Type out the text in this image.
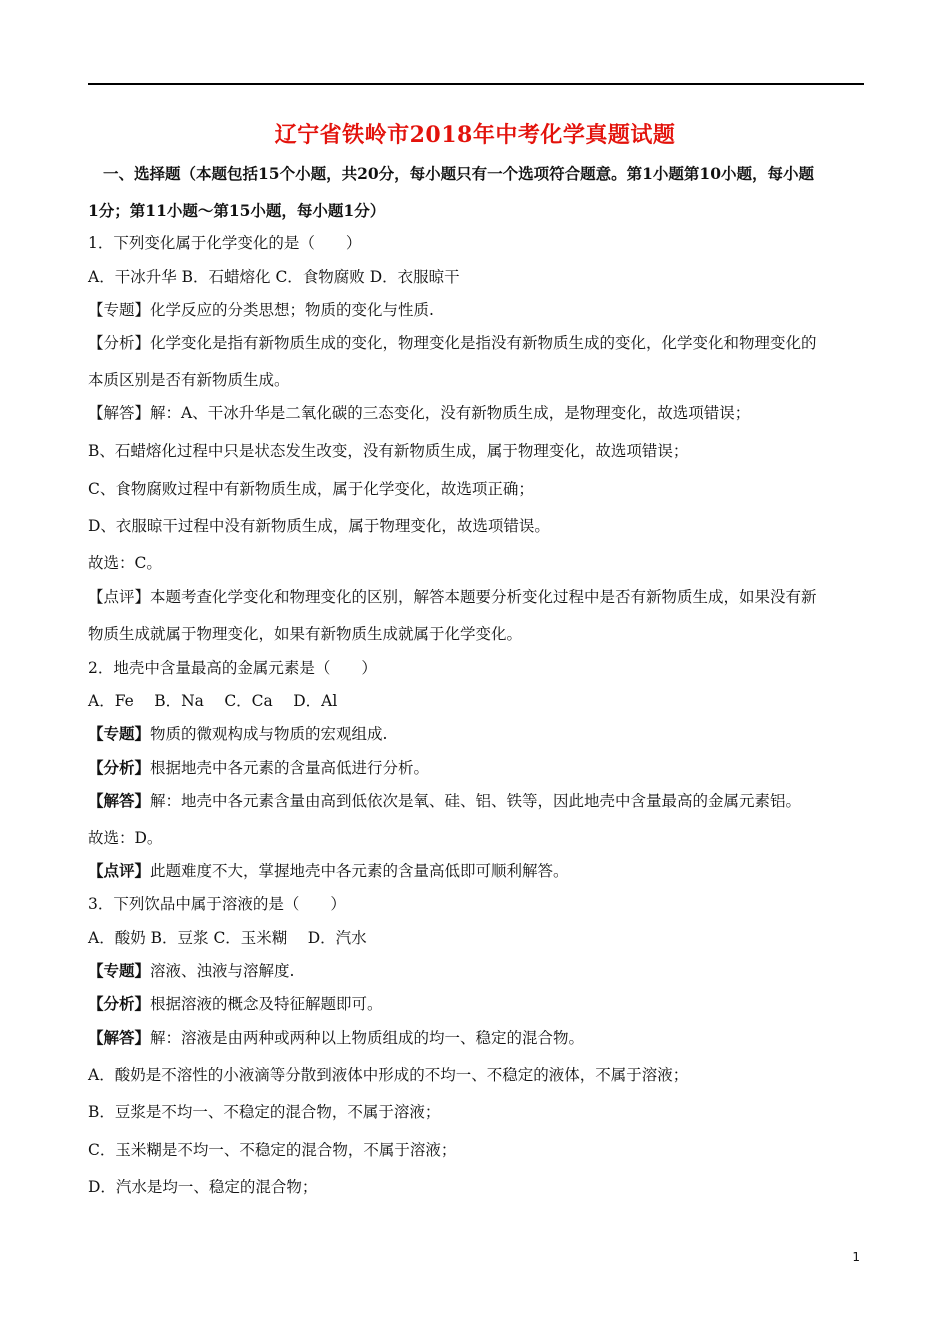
辽宁省铁岭市2018年中考化学真题试题
一、选择题（本题包括15个小题，共20分，每小题只有一个选项符合题意。第1小题第10小题，每小题
1分；第11小题～第15小题，每小题1分）
1．下列变化属于化学变化的是（　　）
A．干冰升华 B．石蜡熔化 C．食物腐败 D．衣服晾干
【专题】化学反应的分类思想；物质的变化与性质.
【分析】化学变化是指有新物质生成的变化，物理变化是指没有新物质生成的变化，化学变化和物理变化的
本质区别是否有新物质生成。
【解答】解：A、干冰升华是二氧化碳的三态变化，没有新物质生成，是物理变化，故选项错误；
B、石蜡熔化过程中只是状态发生改变，没有新物质生成，属于物理变化，故选项错误；
C、食物腐败过程中有新物质生成，属于化学变化，故选项正确；
D、衣服晾干过程中没有新物质生成，属于物理变化，故选项错误。
故选：C。
【点评】本题考查化学变化和物理变化的区别，解答本题要分析变化过程中是否有新物质生成，如果没有新
物质生成就属于物理变化，如果有新物质生成就属于化学变化。
2．地壳中含量最高的金属元素是（　　）
A．Fe　 B．Na　 C．Ca　 D．Al
【专题】物质的微观构成与物质的宏观组成.
【分析】根据地壳中各元素的含量高低进行分析。
【解答】解：地壳中各元素含量由高到低依次是氧、硅、铝、铁等，因此地壳中含量最高的金属元素铝。
故选：D。
【点评】此题难度不大，掌握地壳中各元素的含量高低即可顺利解答。
3．下列饮品中属于溶液的是（　　）
A．酸奶 B．豆浆 C．玉米糊　 D．汽水
【专题】溶液、浊液与溶解度.
【分析】根据溶液的概念及特征解题即可。
【解答】解：溶液是由两种或两种以上物质组成的均一、稳定的混合物。
A．酸奶是不溶性的小液滴等分散到液体中形成的不均一、不稳定的液体，不属于溶液；
B．豆浆是不均一、不稳定的混合物，不属于溶液；
C．玉米糊是不均一、不稳定的混合物，不属于溶液；
D．汽水是均一、稳定的混合物；
1
